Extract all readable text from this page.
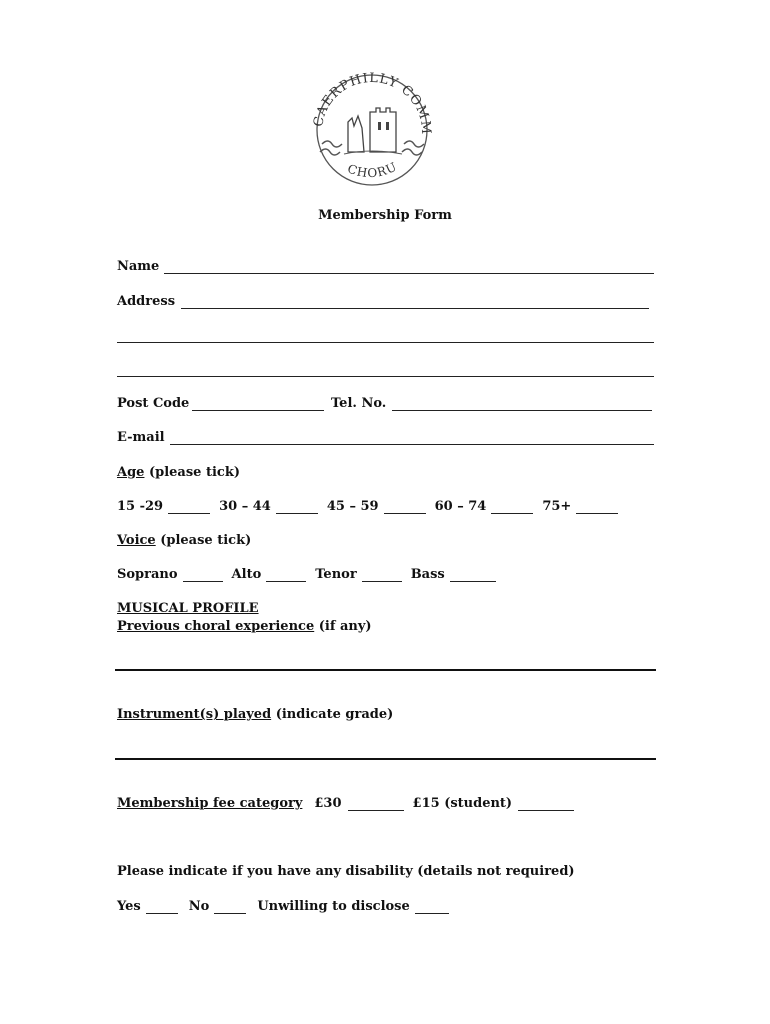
CAERPHILLY COMM
CHORU
Membership Form
Name
Address
Post Code	Tel. No.
E-mail
Age (please tick)
15 -29	30 – 44	45 – 59	60 – 74	75+
Voice (please tick)
Soprano	Alto	Tenor	Bass
MUSICAL PROFILE
Previous choral experience (if any)
Instrument(s) played (indicate grade)
Membership fee category £30	£15 (student)
Please indicate if you have any disability (details not required)
Yes	No	Unwilling to disclose
